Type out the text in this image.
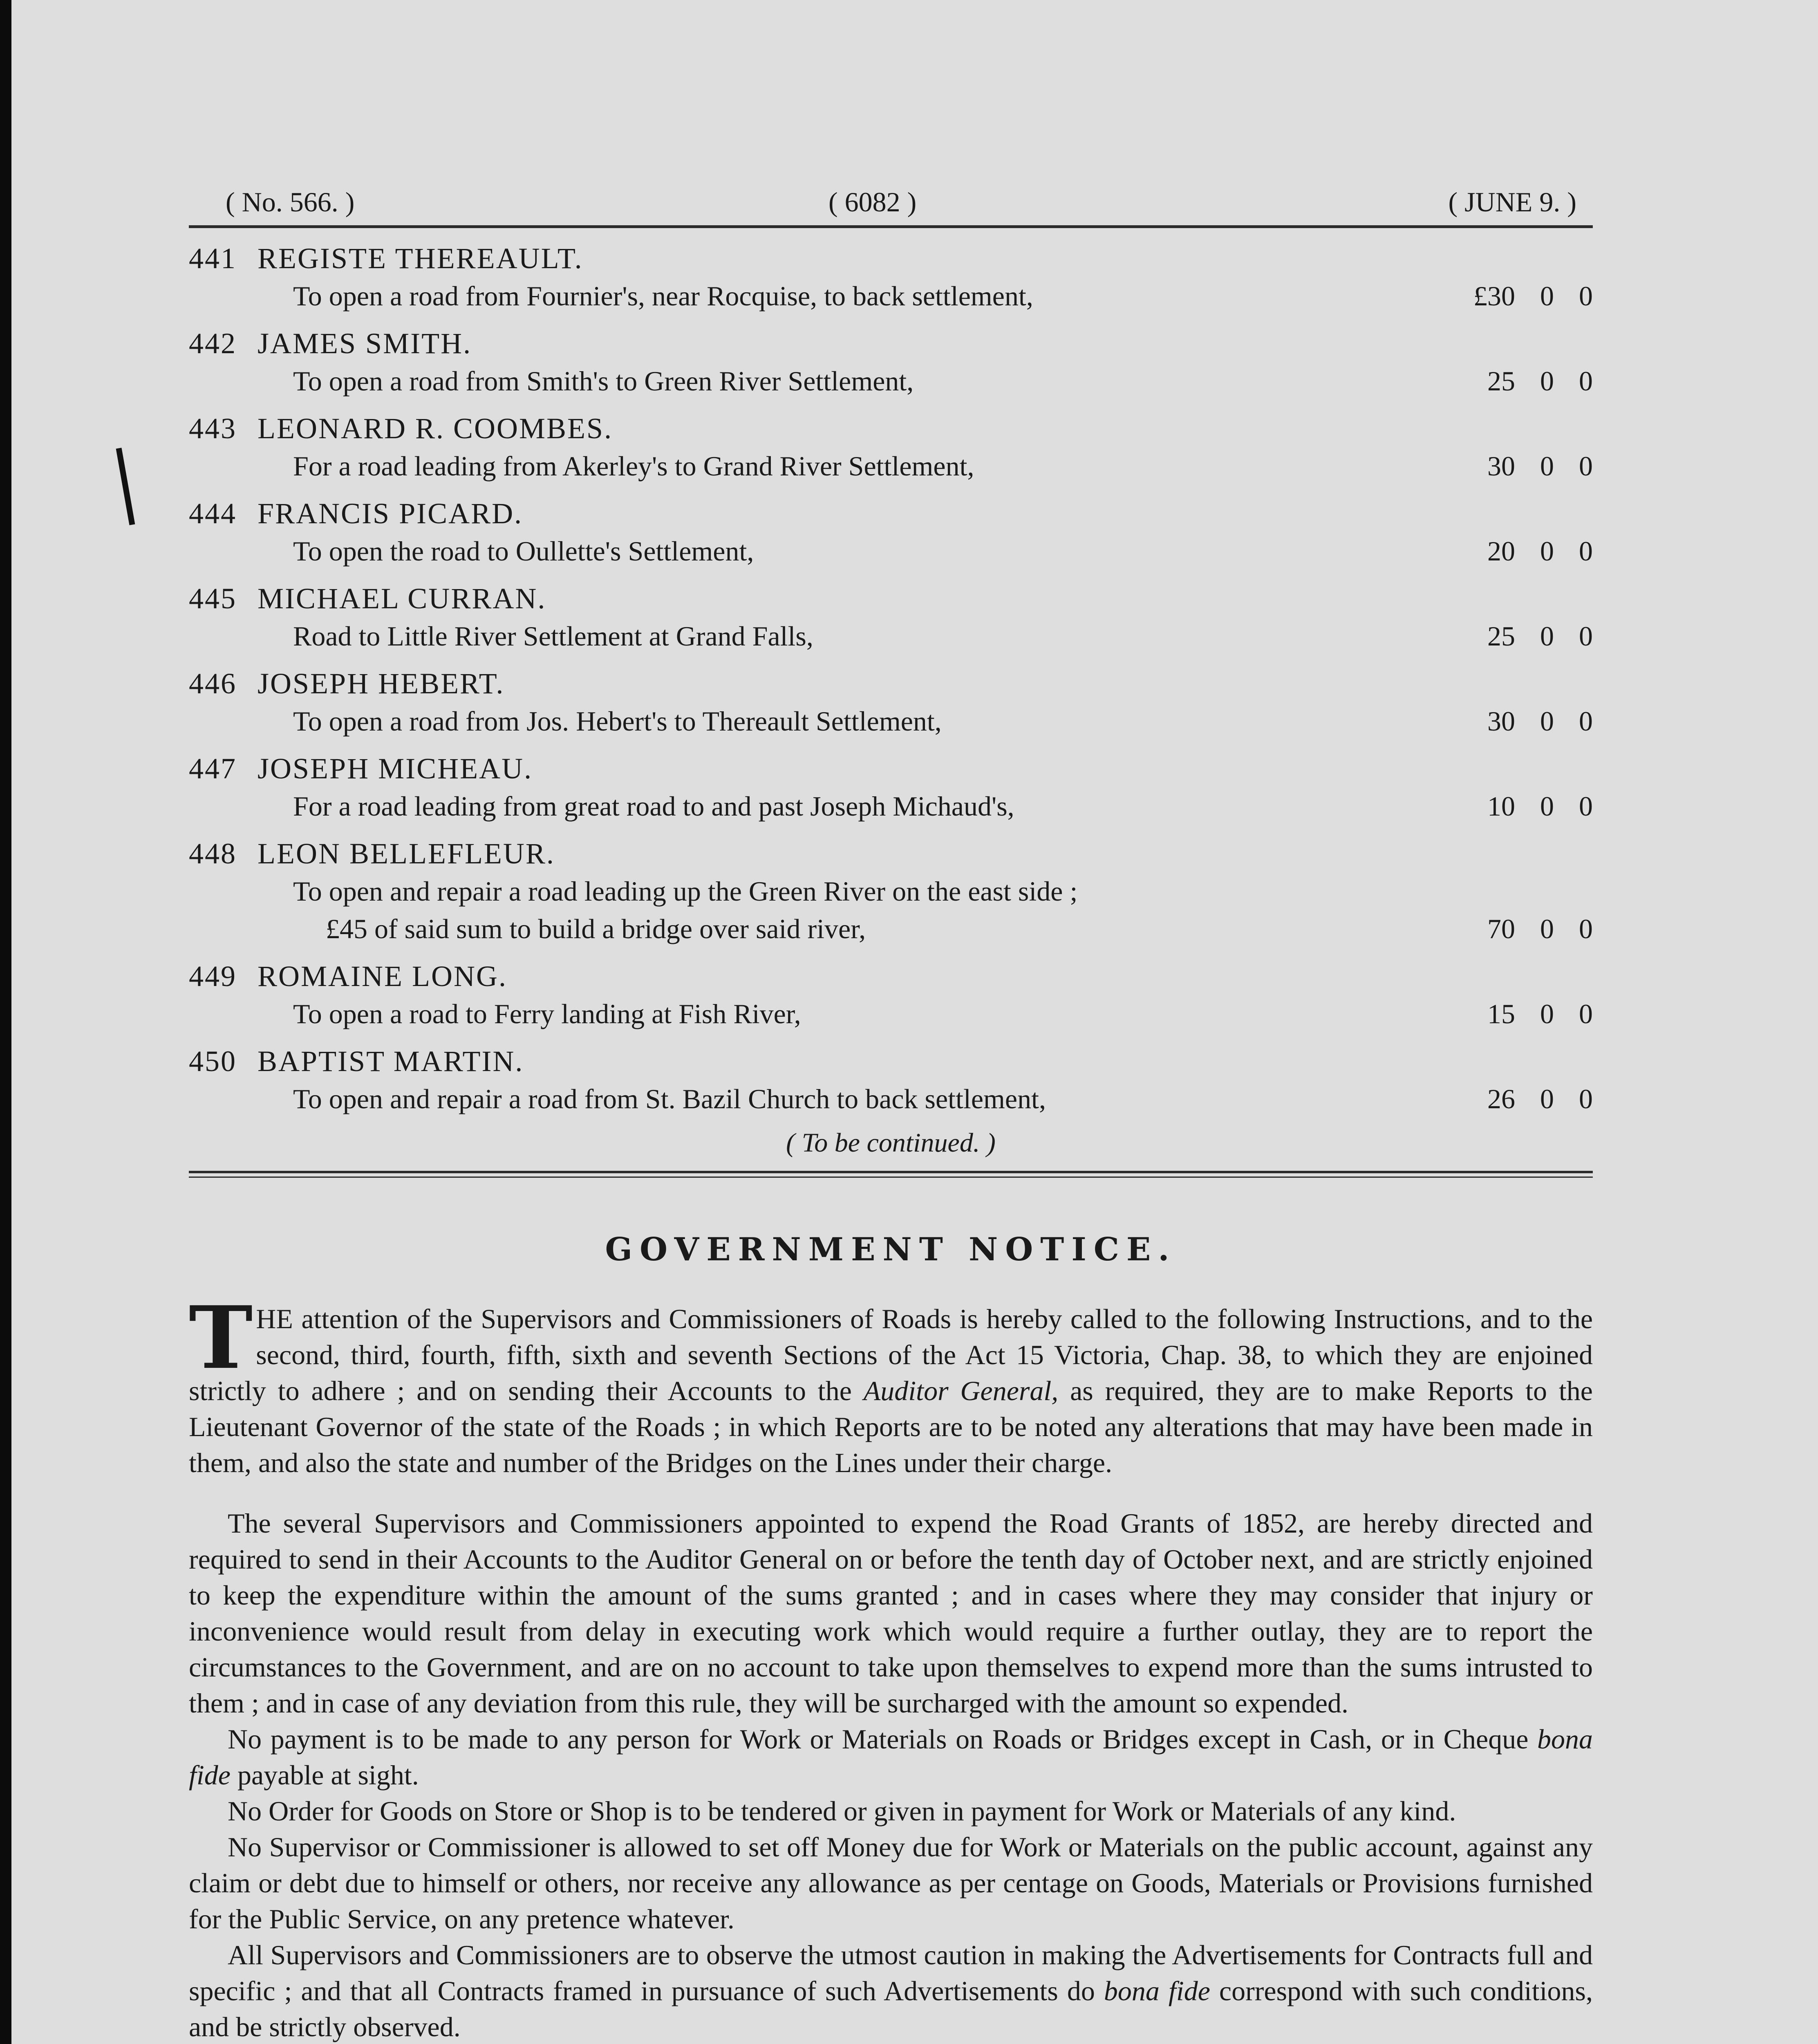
( No. 566. )	( 6082 )	( JUNE 9. )
441 REGISTE THEREAULT.
To open a road from Fournier's, near Rocquise, to back settlement,	£30 0 0
442 JAMES SMITH.
To open a road from Smith's to Green River Settlement,	25 0 0
443 LEONARD R. COOMBES.
For a road leading from Akerley's to Grand River Settlement,	30 0 0
444 FRANCIS PICARD.
To open the road to Oullette's Settlement,	20 0 0
445 MICHAEL CURRAN.
Road to Little River Settlement at Grand Falls,	25 0 0
446 JOSEPH HEBERT.
To open a road from Jos. Hebert's to Thereault Settlement,	30 0 0
447 JOSEPH MICHEAU.
For a road leading from great road to and past Joseph Michaud's,	10 0 0
448 LEON BELLEFLEUR.
To open and repair a road leading up the Green River on the east side ;
£45 of said sum to build a bridge over said river,	70 0 0
449 ROMAINE LONG.
To open a road to Ferry landing at Fish River,	15 0 0
450 BAPTIST MARTIN.
To open and repair a road from St. Bazil Church to back settlement,	26 0 0
( To be continued. )
GOVERNMENT NOTICE.

THE attention of the Supervisors and Commissioners of Roads is hereby called to the following Instructions, and to the second, third, fourth, fifth, sixth and seventh Sections of the Act 15 Victoria, Chap. 38, to which they are enjoined strictly to adhere ; and on sending their Accounts to the Auditor General, as required, they are to make Reports to the Lieutenant Governor of the state of the Roads ; in which Reports are to be noted any alterations that may have been made in them, and also the state and number of the Bridges on the Lines under their charge.

The several Supervisors and Commissioners appointed to expend the Road Grants of 1852, are hereby directed and required to send in their Accounts to the Auditor General on or before the tenth day of October next, and are strictly enjoined to keep the expenditure within the amount of the sums granted ; and in cases where they may consider that injury or inconvenience would result from delay in executing work which would require a further outlay, they are to report the circumstances to the Government, and are on no account to take upon themselves to expend more than the sums intrusted to them ; and in case of any deviation from this rule, they will be surcharged with the amount so expended.

No payment is to be made to any person for Work or Materials on Roads or Bridges except in Cash, or in Cheque bona fide payable at sight.

No Order for Goods on Store or Shop is to be tendered or given in payment for Work or Materials of any kind.

No Supervisor or Commissioner is allowed to set off Money due for Work or Materials on the public account, against any claim or debt due to himself or others, nor receive any allowance as per centage on Goods, Materials or Provisions furnished for the Public Service, on any pretence whatever.

All Supervisors and Commissioners are to observe the utmost caution in making the Advertisements for Contracts full and specific ; and that all Contracts framed in pursuance of such Advertisements do bona fide correspond with such conditions, and be strictly observed.
